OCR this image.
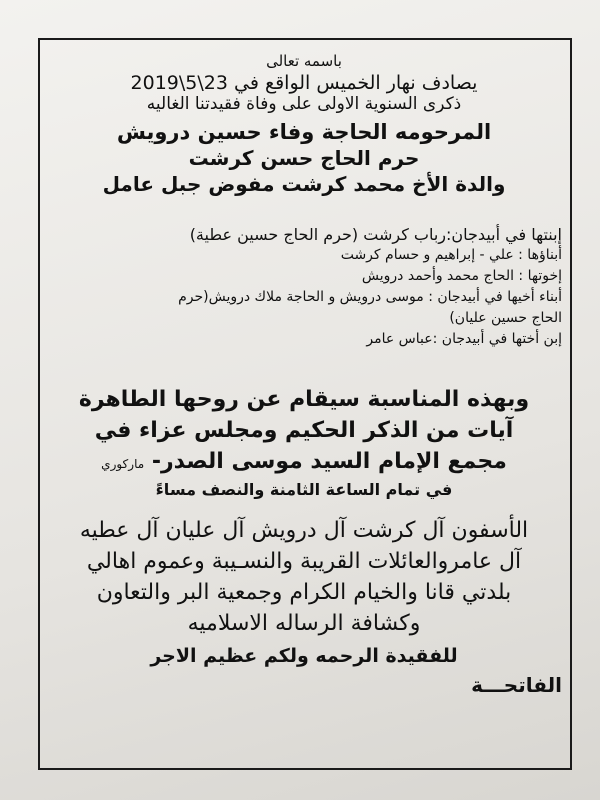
باسمه تعالى
يصادف نهار الخميس الواقع في 23\5\2019
ذكرى السنوية الاولى على وفاة فقيدتنا الغاليه
المرحومه الحاجة وفاء حسين درويش
حرم الحاج حسن كرشت
والدة الأخ محمد كرشت مفوض جبل عامل
إبنتها في أبيدجان:رباب كرشت (حرم الحاج حسين عطية)
أبناؤها : علي - إبراهيم و حسام كرشت
إخوتها : الحاج محمد وأحمد درويش
أبناء أخيها في أبيدجان : موسى درويش و الحاجة ملاك درويش(حرم
الحاج حسين عليان)
إبن أختها في أبيدجان :عباس عامر
وبهذه المناسبة سيقام عن روحها الطاهرة
آيات من الذكر الحكيم ومجلس عزاء في
مجمع الإمام السيد موسى الصدر- ماركوري
في تمام الساعة الثامنة والنصف مساءً
الأسفون آل كرشت آل درويش آل عليان آل عطيه
آل عامروالعائلات القريبة والنسـيبة وعموم اهالي
بلدتي قانا والخيام الكرام وجمعية البر والتعاون
وكشافة الرساله الاسلاميه
للفقيدة الرحمه ولكم عظيم الاجر
الفاتحـــة
